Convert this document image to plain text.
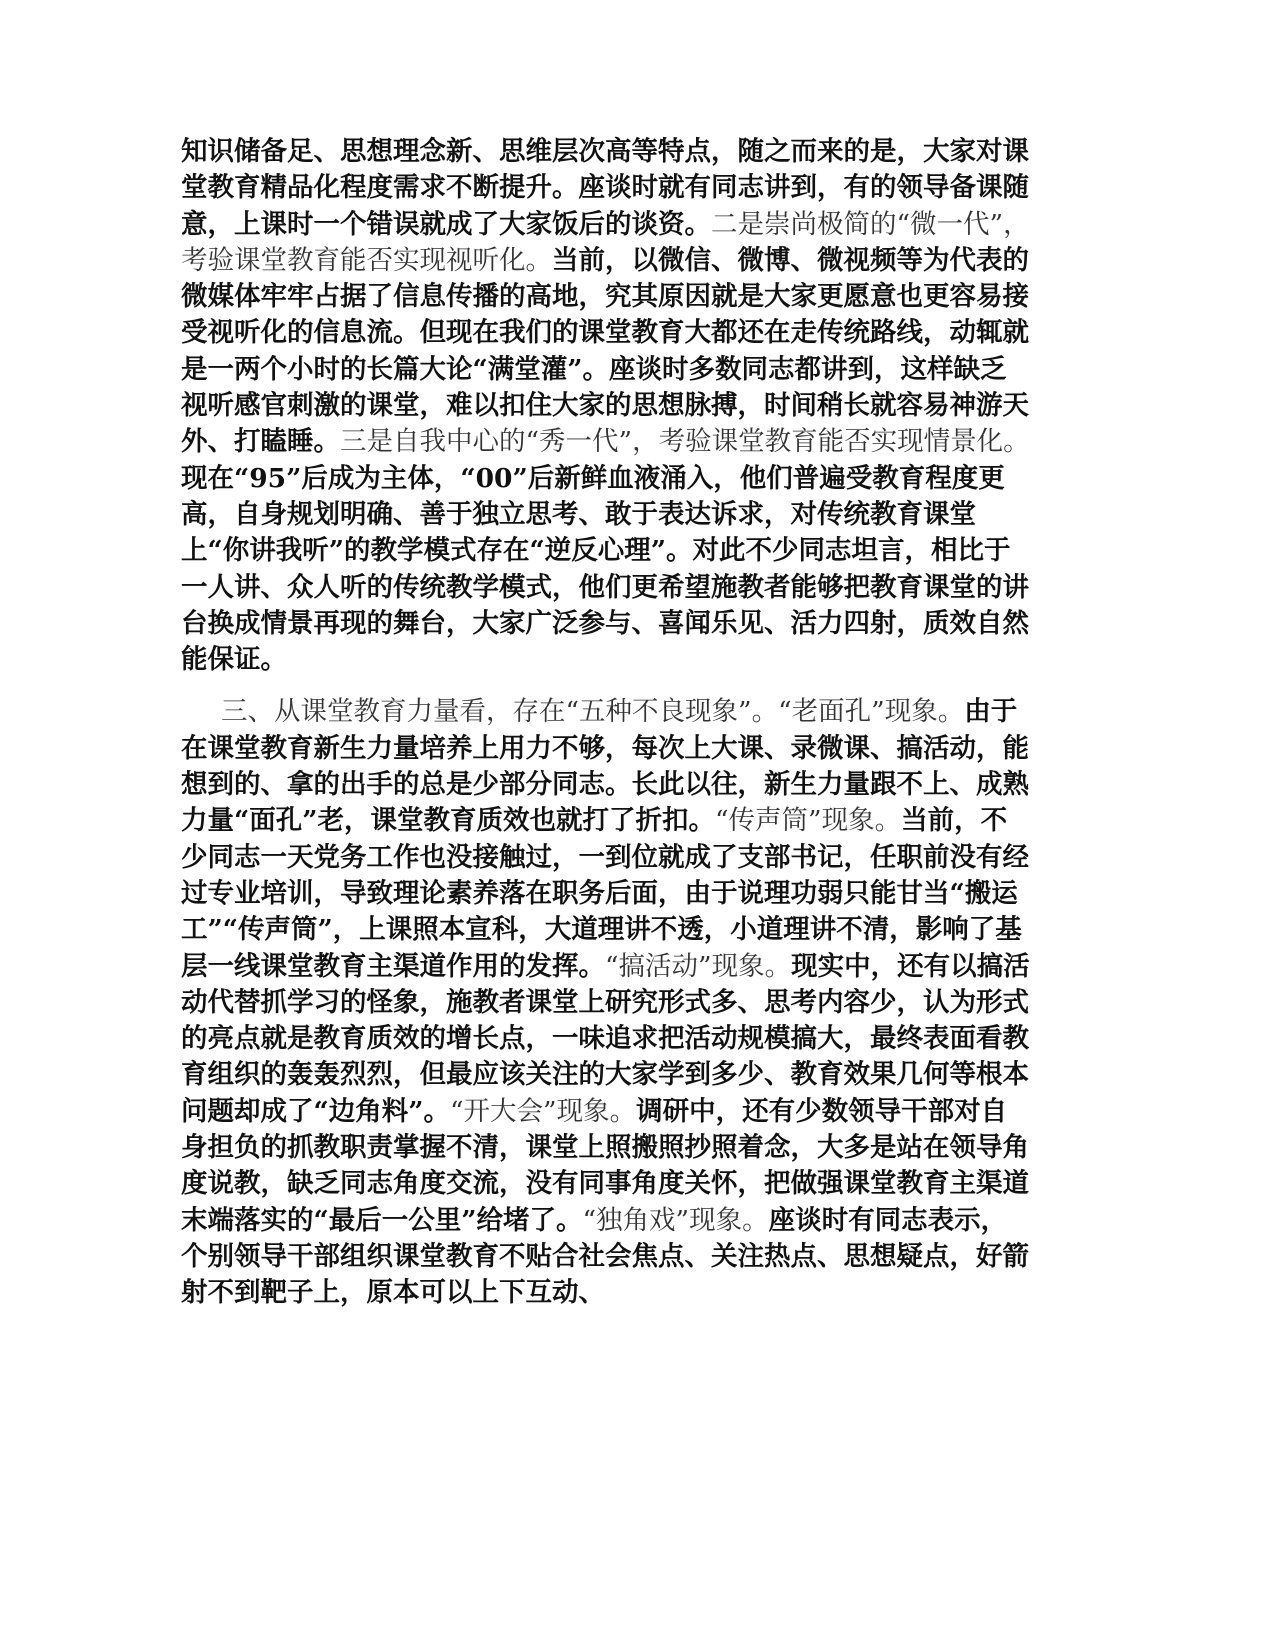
知识储备足、思想理念新、思维层次高等特点，随之而来的是，大家对课堂教育精品化程度需求不断提升。座谈时就有同志讲到，有的领导备课随意，上课时一个错误就成了大家饭后的谈资。二是崇尚极简的“微一代”，考验课堂教育能否实现视听化。当前，以微信、微博、微视频等为代表的微媒体牢牢占据了信息传播的高地，究其原因就是大家更愿意也更容易接受视听化的信息流。但现在我们的课堂教育大都还在走传统路线，动辄就是一两个小时的长篇大论“满堂灌”。座谈时多数同志都讲到，这样缺乏视听感官刺激的课堂，难以扣住大家的思想脉搏，时间稍长就容易神游天外、打瞌睡。三是自我中心的“秀一代”，考验课堂教育能否实现情景化。现在“95”后成为主体，“00”后新鲜血液涌入，他们普遍受教育程度更高，自身规划明确、善于独立思考、敢于表达诉求，对传统教育课堂上“你讲我听”的教学模式存在“逆反心理”。对此不少同志坦言，相比于一人讲、众人听的传统教学模式，他们更希望施教者能够把教育课堂的讲台换成情景再现的舞台，大家广泛参与、喜闻乐见、活力四射，质效自然能保证。

三、从课堂教育力量看，存在“五种不良现象”。“老面孔”现象。由于在课堂教育新生力量培养上用力不够，每次上大课、录微课、搞活动，能想到的、拿的出手的总是少部分同志。长此以往，新生力量跟不上、成熟力量“面孔”老，课堂教育质效也就打了折扣。“传声筒”现象。当前，不少同志一天党务工作也没接触过，一到位就成了支部书记，任职前没有经过专业培训，导致理论素养落在职务后面，由于说理功弱只能甘当“搬运工”“传声筒”，上课照本宣科，大道理讲不透，小道理讲不清，影响了基层一线课堂教育主渠道作用的发挥。“搞活动”现象。现实中，还有以搞活动代替抓学习的怪象，施教者课堂上研究形式多、思考内容少，认为形式的亮点就是教育质效的增长点，一味追求把活动规模搞大，最终表面看教育组织的轰轰烈烈，但最应该关注的大家学到多少、教育效果几何等根本问题却成了“边角料”。“开大会”现象。调研中，还有少数领导干部对自身担负的抓教职责掌握不清，课堂上照搬照抄照着念，大多是站在领导角度说教，缺乏同志角度交流，没有同事角度关怀，把做强课堂教育主渠道末端落实的“最后一公里”给堵了。“独角戏”现象。座谈时有同志表示，个别领导干部组织课堂教育不贴合社会焦点、关注热点、思想疑点，好箭射不到靶子上，原本可以上下互动、
